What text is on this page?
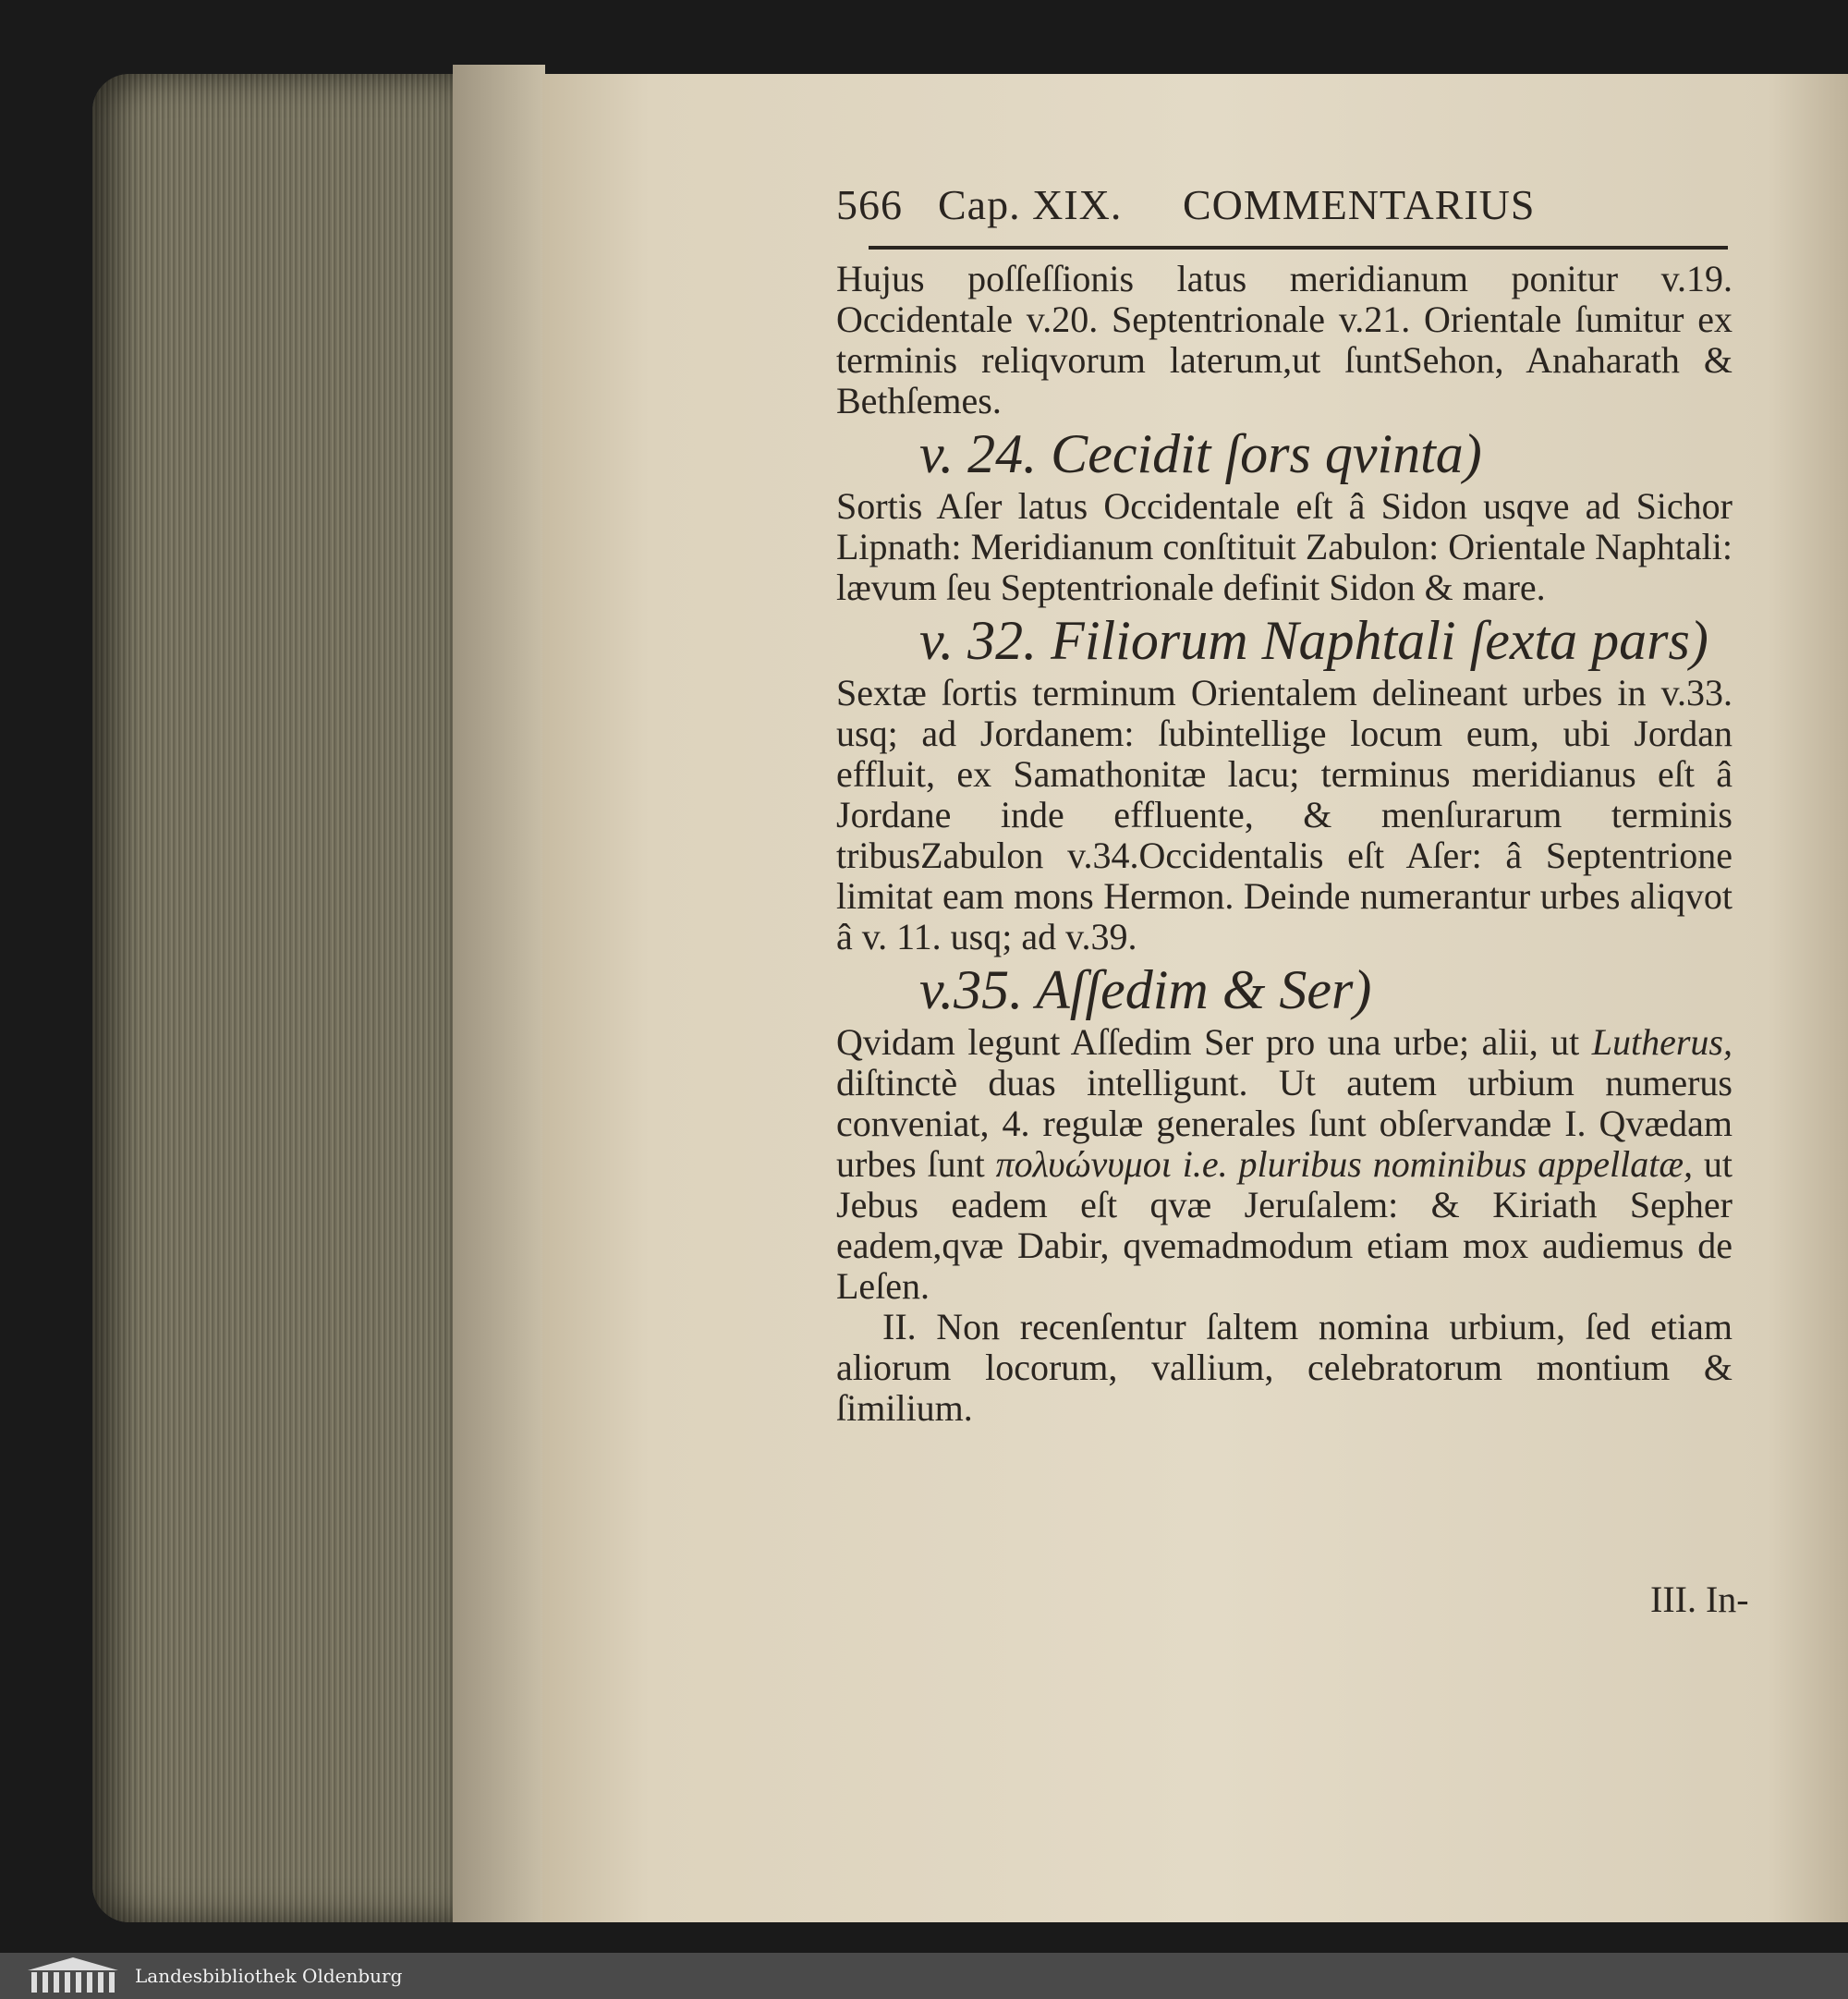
566 Cap. XIX. COMMENTARIUS

Hujus poſſeſſionis latus meridianum ponitur v.19. Occidentale v.20. Septentrionale v.21. Orientale ſumitur ex terminis reliqvorum laterum,ut ſuntSehon, Anaharath & Bethſemes.

v. 24. Cecidit ſors qvinta)

Sortis Aſer latus Occidentale eſt â Sidon usqve ad Sichor Lipnath: Meridianum conſtituit Zabulon: Orientale Naphtali: lævum ſeu Septentrionale definit Sidon & mare.

v. 32. Filiorum Naphtali ſexta pars)

Sextæ ſortis terminum Orientalem delineant urbes in v.33. usq; ad Jordanem: ſubintellige locum eum, ubi Jordan effluit, ex Samathonitæ lacu; terminus meridianus eſt â Jordane inde effluente, & menſurarum terminis tribusZabulon v.34.Occidentalis eſt Aſer: â Septentrione limitat eam mons Hermon. Deinde numerantur urbes aliqvot â v. 11. usq; ad v.39.

v.35. Aſſedim & Ser)

Qvidam legunt Aſſedim Ser pro una urbe; alii, ut Lutherus, diſtinctè duas intelligunt. Ut autem urbium numerus conveniat, 4. regulæ generales ſunt obſervandæ I. Qvædam urbes ſunt πολυώνυμοι i.e. pluribus nominibus appellatæ, ut Jebus eadem eſt qvæ Jeruſalem: & Kiriath Sepher eadem,qvæ Dabir, qvemadmodum etiam mox audiemus de Leſen.

II. Non recenſentur ſaltem nomina urbium, ſed etiam aliorum locorum, vallium, celebratorum montium & ſimilium.

III. In-
Landesbibliothek Oldenburg
